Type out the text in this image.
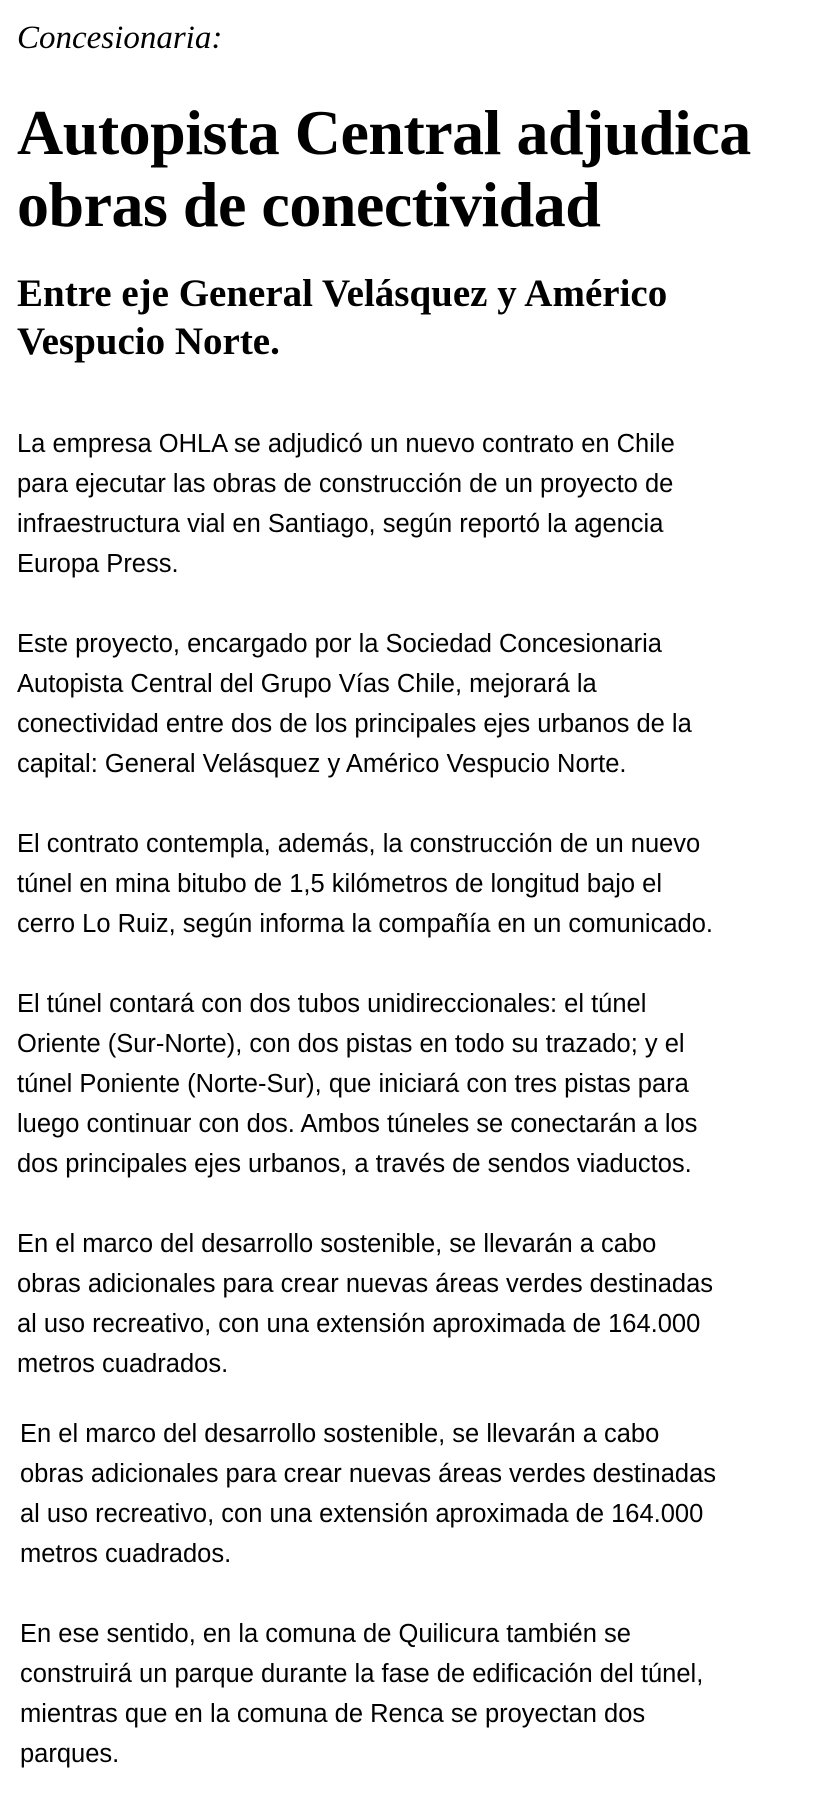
Concesionaria:

Autopista Central adjudica
obras de conectividad
Entre eje General Velásquez y Américo
Vespucio Norte.

La empresa OHLA se adjudicó un nuevo contrato en Chile
para ejecutar las obras de construcción de un proyecto de
infraestructura vial en Santiago, según reportó la agencia
Europa Press.

Este proyecto, encargado por la Sociedad Concesionaria
Autopista Central del Grupo Vías Chile, mejorará la
conectividad entre dos de los principales ejes urbanos de la
capital: General Velásquez y Américo Vespucio Norte.

El contrato contempla, además, la construcción de un nuevo
túnel en mina bitubo de 1,5 kilómetros de longitud bajo el
cerro Lo Ruiz, según informa la compañía en un comunicado.

El túnel contará con dos tubos unidireccionales: el túnel
Oriente (Sur-Norte), con dos pistas en todo su trazado; y el
túnel Poniente (Norte-Sur), que iniciará con tres pistas para
luego continuar con dos. Ambos túneles se conectarán a los
dos principales ejes urbanos, a través de sendos viaductos.

En el marco del desarrollo sostenible, se llevarán a cabo
obras adicionales para crear nuevas áreas verdes destinadas
al uso recreativo, con una extensión aproximada de 164.000
metros cuadrados.

En el marco del desarrollo sostenible, se llevarán a cabo
obras adicionales para crear nuevas áreas verdes destinadas
al uso recreativo, con una extensión aproximada de 164.000
metros cuadrados.

En ese sentido, en la comuna de Quilicura también se
construirá un parque durante la fase de edificación del túnel,
mientras que en la comuna de Renca se proyectan dos
parques.
